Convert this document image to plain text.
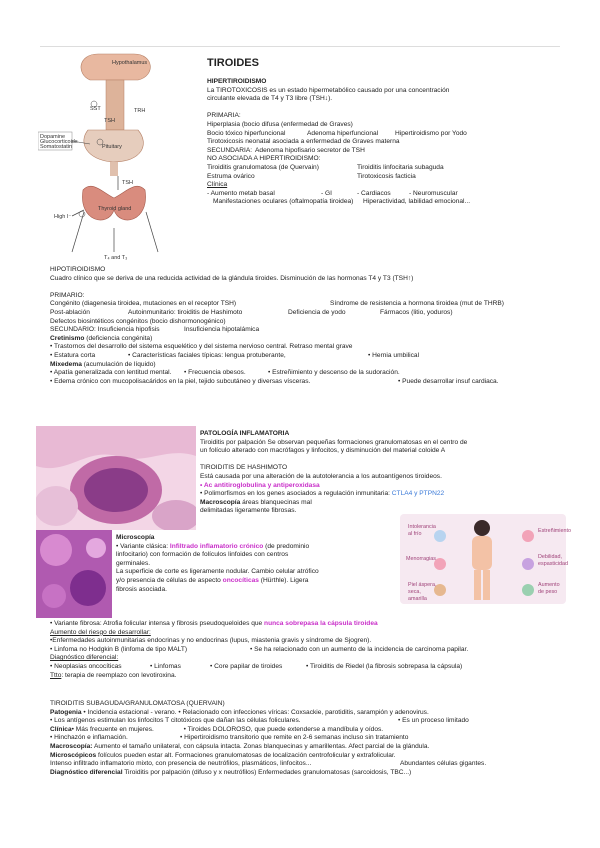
Hypothalamus
SST	TRH
TSH
Dopamine
Glucocorticoids
Somatostatin	Pituitary
TSH
High I⁻
Thyroid gland
T₄ and T₃
TIROIDES

HIPERTIROIDISMO

La TIROTOXICOSIS es un estado hipermetabólico causado por una concentración

circulante elevada de T4 y T3 libre (TSH↓).

PRIMARIA:

Hiperplasia (bocio difusa (enfermedad de Graves)

Bocio tóxico hiperfuncional	Adenoma hiperfuncional	Hipertiroidismo por Yodo

Tirotoxicosis neonatal asociada a enfermedad de Graves materna

SECUNDARIA: Adenoma hipofisario secretor de TSH

NO ASOCIADA A HIPERTIROIDISMO:

Tiroiditis granulomatosa (de Quervain)	Tiroiditis linfocitaria subaguda

Estruma ovárico	Tirotoxicosis facticia

Clínica

- Aumento metab basal	- GI	- Cardiacos	- Neuromuscular

Manifestaciones oculares (oftalmopatía tiroidea) Hiperactividad, labilidad emocional...

HIPOTIROIDISMO

Cuadro clínico que se deriva de una reducida actividad de la glándula tiroides. Disminución de las hormonas T4 y T3 (TSH↑)

PRIMARIO:

Congénito (diagenesia tiroidea, mutaciones en el receptor TSH)	Síndrome de resistencia a hormona tiroidea (mut de THRB)

Post-ablación	Autoinmunitario: tiroiditis de Hashimoto	Deficiencia de yodo	Fármacos (litio, yoduros)

Defectos biosintéticos congénitos (bocio dishormonogénico)

SECUNDARIO: Insuficiencia hipofisis	Insuficiencia hipotalámica

Cretinismo (deficiencia congénita)

• Trastornos del desarrollo del sistema esquelético y del sistema nervioso central. Retraso mental grave

• Estatura corta	• Características faciales típicas: lengua protuberante,	• Hernia umbilical

Mixedema (acumulación de líquido)

• Apatía generalizada con lentitud mental. • Frecuencia obesos.	• Estreñimiento y descenso de la sudoración.

• Edema crónico con mucopolisacáridos en la piel, tejido subcutáneo y diversas vísceras.	• Puede desarrollar insuf cardiaca.

PATOLOGÍA INFLAMATORIA

Tiroiditis por palpación Se observan pequeñas formaciones granulomatosas en el centro de

un folículo alterado con macrófagos y linfocitos, y disminución del material coloide A

TIROIDITIS DE HASHIMOTO

Está causada por una alteración de la autotolerancia a los autoantígenos tiroideos.

• Ac antitiroglobulina y antiperoxidasa

• Polimorfismos en los genes asociados a regulación inmunitaria: CTLA4 y PTPN22

Macroscopía áreas blanquecinas mal

delimitadas ligeramente fibrosas.

Intolerancia al frío
Menorragias
Piel áspera, seca, amarilla
Estreñimiento
Debilidad, espasticidad
Aumento de peso

Microscopía

• Variante clásica: Infiltrado inflamatorio crónico (de predominio

linfocitario) con formación de folículos linfoides con centros

germinales.

La superficie de corte es ligeramente nodular. Cambio celular atrófico

y/o presencia de células de aspecto oncocíticas (Hürthle). Ligera

fibrosis asociada.

• Variante fibrosa: Atrofia folicular intensa y fibrosis pseudoqueloides que nunca sobrepasa la cápsula tiroidea

Aumento del riesgo de desarrollar:

•Enfermedades autoinmunitarias endocrinas y no endocrinas (lupus, miastenia gravis y síndrome de Sjogren).

• Linfoma no Hodgkin B (linfoma de tipo MALT)	• Se ha relacionado con un aumento de la incidencia de carcinoma papilar.

Diagnóstico diferencial:

• Neoplasias oncocíticas	• Linfomas	• Core papilar de tiroides	• Tiroiditis de Riedel (la fibrosis sobrepasa la cápsula)

Ttto: terapia de reemplazo con levotiroxina.

TIROIDITIS SUBAGUDA/GRANULOMATOSA (QUERVAIN)

Patogenia • Incidencia estacional - verano. • Relacionado con infecciones víricas: Coxsackie, parotiditis, sarampión y adenovirus.

• Los antígenos estimulan los linfocitos T citotóxicos que dañan las células foliculares.	• Es un proceso limitado

Clínica• Más frecuente en mujeres.	• Tiroides DOLOROSO, que puede extenderse a mandíbula y oídos.

• Hinchazón e inflamación.	• Hipertiroidismo transitorio que remite en 2-6 semanas incluso sin tratamiento

Macroscopía: Aumento el tamaño unilateral, con cápsula intacta. Zonas blanquecinas y amarillentas. Afect parcial de la glándula.

Microscópicos folículos pueden estar alt. Formaciones granulomatosas de localización centrofolicular y extrafolicular.

Intenso infiltrado inflamatorio mixto, con presencia de neutrófilos, plasmáticos, linfocitos...	Abundantes células gigantes.

Diagnóstico diferencial Tiroiditis por palpación (difuso y x neutrófilos) Enfermedades granulomatosas (sarcoidosis, TBC...)
